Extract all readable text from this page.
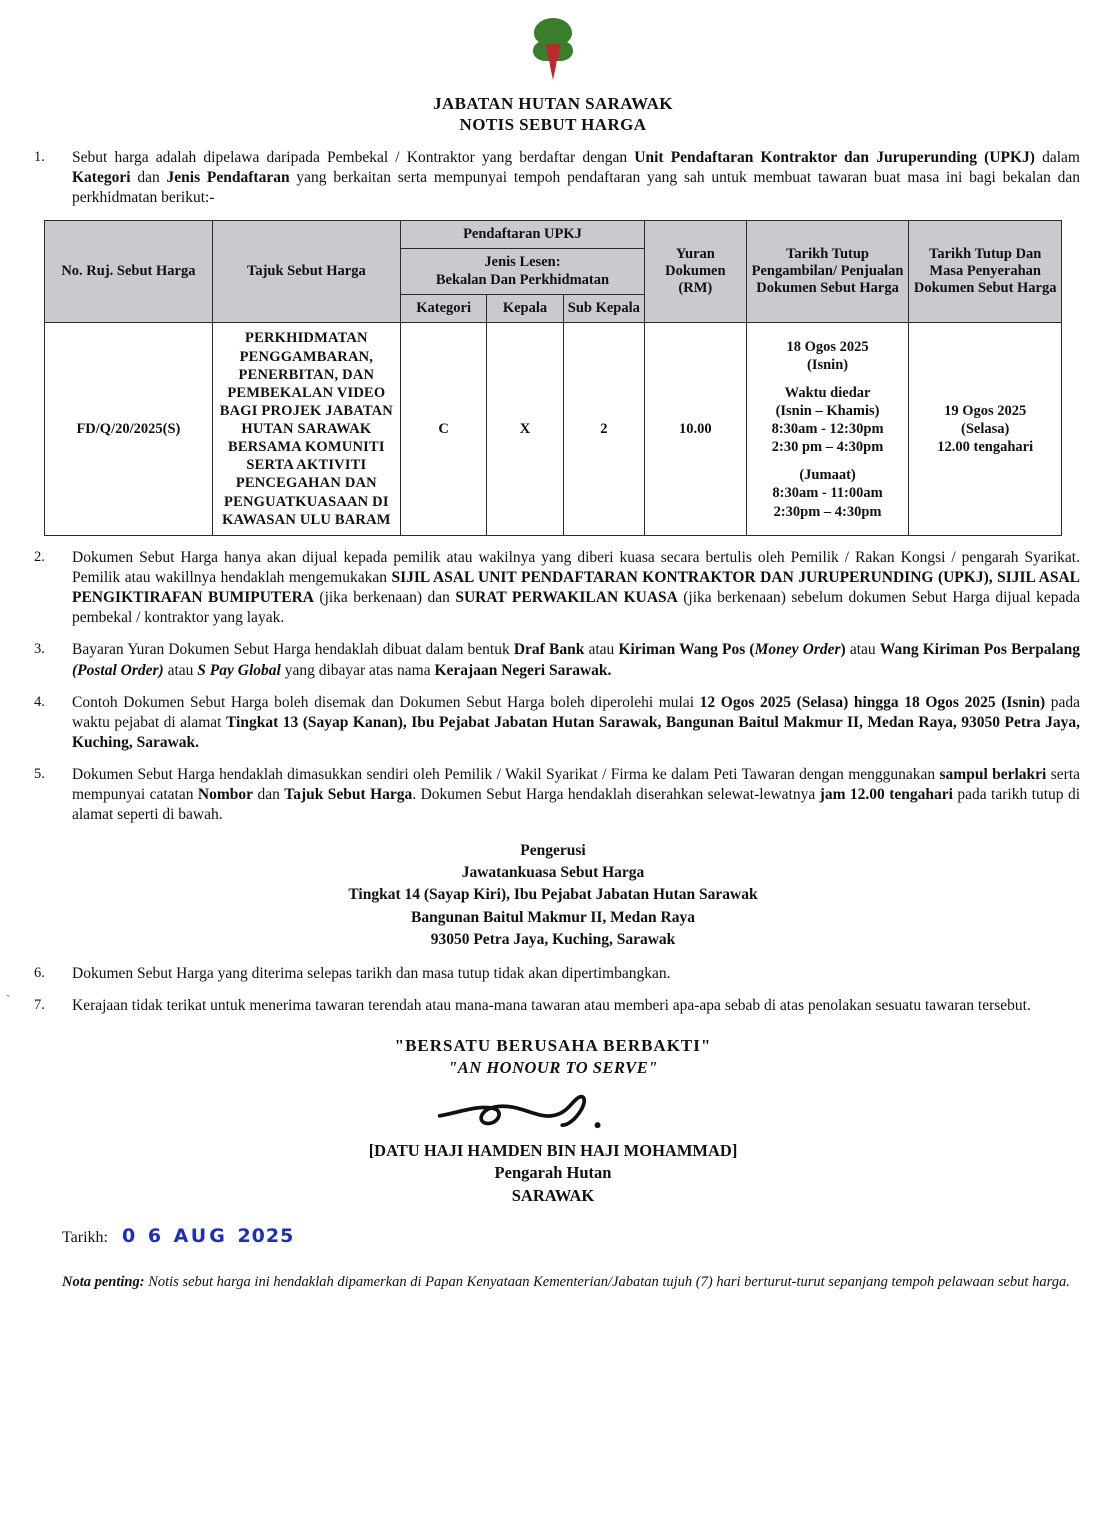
JABATAN HUTAN SARAWAK
NOTIS SEBUT HARGA
1.	Sebut harga adalah dipelawa daripada Pembekal / Kontraktor yang berdaftar dengan Unit Pendaftaran Kontraktor dan Juruperunding (UPKJ) dalam Kategori dan Jenis Pendaftaran yang berkaitan serta mempunyai tempoh pendaftaran yang sah untuk membuat tawaran buat masa ini bagi bekalan dan perkhidmatan berikut:-
No. Ruj. Sebut Harga	Tajuk Sebut Harga	Pendaftaran UPKJ			Yuran Dokumen (RM)	Tarikh Tutup Pengambilan/ Penjualan Dokumen Sebut Harga	Tarikh Tutup Dan Masa Penyerahan Dokumen Sebut Harga
		Jenis Lesen:
Bekalan Dan Perkhidmatan					
		Kategori	Kepala	Sub Kepala			
FD/Q/20/2025(S)	PERKHIDMATAN PENGGAMBARAN, PENERBITAN, DAN PEMBEKALAN VIDEO BAGI PROJEK JABATAN HUTAN SARAWAK BERSAMA KOMUNITI SERTA AKTIVITI PENCEGAHAN DAN PENGUATKUASAAN DI KAWASAN ULU BARAM	C	X	2	10.00	18 Ogos 2025
(Isnin)
Waktu diedar
(Isnin – Khamis)
8:30am - 12:30pm
2:30 pm – 4:30pm
(Jumaat)
8:30am - 11:00am
2:30pm – 4:30pm	19 Ogos 2025
(Selasa)
12.00 tengahari
2.	Dokumen Sebut Harga hanya akan dijual kepada pemilik atau wakilnya yang diberi kuasa secara bertulis oleh Pemilik / Rakan Kongsi / pengarah Syarikat. Pemilik atau wakillnya hendaklah mengemukakan SIJIL ASAL UNIT PENDAFTARAN KONTRAKTOR DAN JURUPERUNDING (UPKJ), SIJIL ASAL PENGIKTIRAFAN BUMIPUTERA (jika berkenaan) dan SURAT PERWAKILAN KUASA (jika berkenaan) sebelum dokumen Sebut Harga dijual kepada pembekal / kontraktor yang layak.
3.	Bayaran Yuran Dokumen Sebut Harga hendaklah dibuat dalam bentuk Draf Bank atau Kiriman Wang Pos (Money Order) atau Wang Kiriman Pos Berpalang (Postal Order) atau S Pay Global yang dibayar atas nama Kerajaan Negeri Sarawak.
4.	Contoh Dokumen Sebut Harga boleh disemak dan Dokumen Sebut Harga boleh diperolehi mulai 12 Ogos 2025 (Selasa) hingga 18 Ogos 2025 (Isnin) pada waktu pejabat di alamat Tingkat 13 (Sayap Kanan), Ibu Pejabat Jabatan Hutan Sarawak, Bangunan Baitul Makmur II, Medan Raya, 93050 Petra Jaya, Kuching, Sarawak.
5.	Dokumen Sebut Harga hendaklah dimasukkan sendiri oleh Pemilik / Wakil Syarikat / Firma ke dalam Peti Tawaran dengan menggunakan sampul berlakri serta mempunyai catatan Nombor dan Tajuk Sebut Harga. Dokumen Sebut Harga hendaklah diserahkan selewat-lewatnya jam 12.00 tengahari pada tarikh tutup di alamat seperti di bawah.
Pengerusi
Jawatankuasa Sebut Harga
Tingkat 14 (Sayap Kiri), Ibu Pejabat Jabatan Hutan Sarawak
Bangunan Baitul Makmur II, Medan Raya
93050 Petra Jaya, Kuching, Sarawak
6.	Dokumen Sebut Harga yang diterima selepas tarikh dan masa tutup tidak akan dipertimbangkan.
7.	Kerajaan tidak terikat untuk menerima tawaran terendah atau mana-mana tawaran atau memberi apa-apa sebab di atas penolakan sesuatu tawaran tersebut.
"BERSATU BERUSAHA BERBAKTI"
"AN HONOUR TO SERVE"
[DATU HAJI HAMDEN BIN HAJI MOHAMMAD]
Pengarah Hutan
SARAWAK
Tarikh: 0 6 AUG 2025
Nota penting: Notis sebut harga ini hendaklah dipamerkan di Papan Kenyataan Kementerian/Jabatan tujuh (7) hari berturut-turut sepanjang tempoh pelawaan sebut harga.
`
